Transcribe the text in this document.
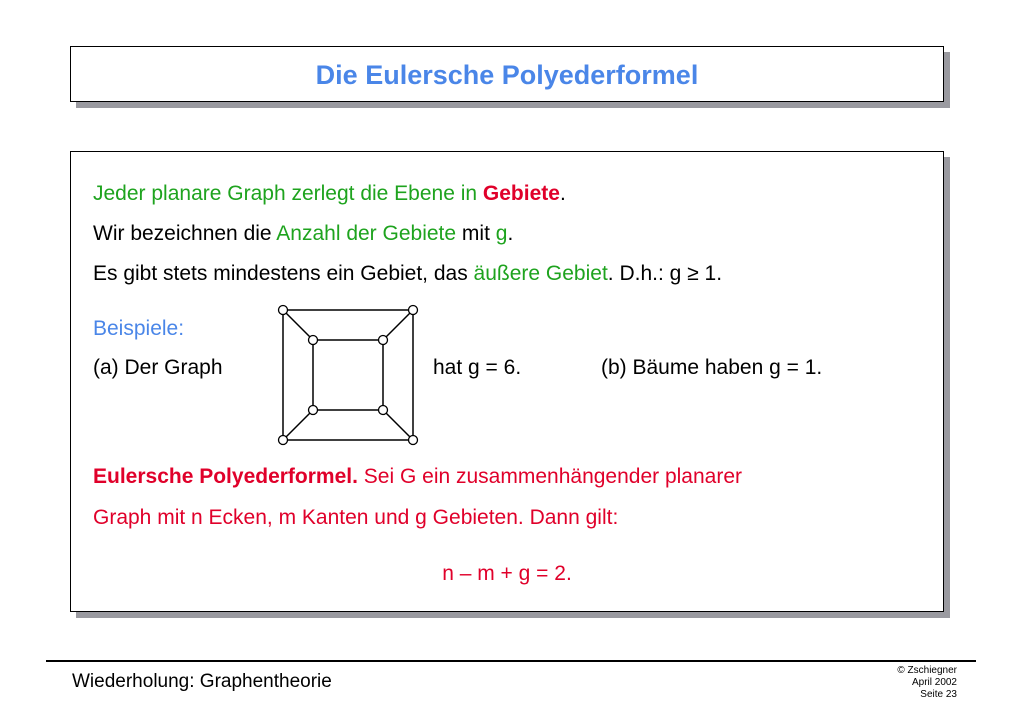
Die Eulersche Polyederformel
Jeder planare Graph zerlegt die Ebene in Gebiete.
Wir bezeichnen die Anzahl der Gebiete mit g.
Es gibt stets mindestens ein Gebiet, das äußere Gebiet. D.h.: g ≥ 1.
Beispiele:
(a) Der Graph	hat g = 6.	(b) Bäume haben g = 1.
Eulersche Polyederformel. Sei G ein zusammenhängender planarer
Graph mit n Ecken, m Kanten und g Gebieten. Dann gilt:
n – m + g = 2.
Wiederholung: Graphentheorie
© Zschiegner
April 2002
Seite 23
